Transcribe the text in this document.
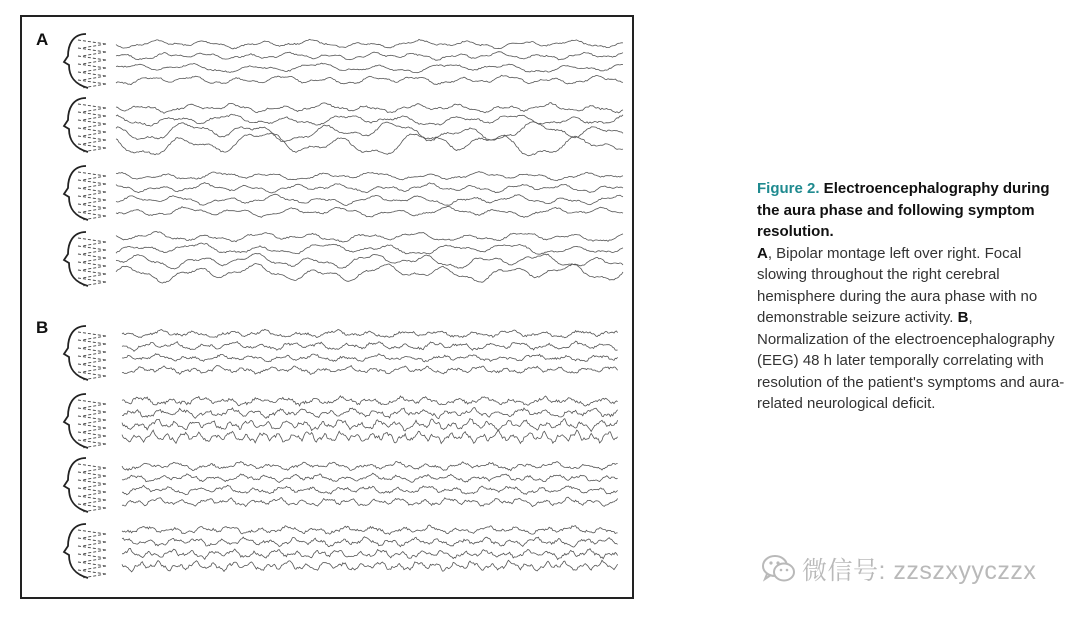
A
B
Figure 2. Electroencephalography during the aura phase and following symptom resolution.
A, Bipolar montage left over right. Focal slowing throughout the right cerebral hemisphere during the aura phase with no demonstrable seizure activity. B, Normalization of the electroencephalography (EEG) 48 h later temporally correlating with resolution of the patient's symptoms and aura-related neurological deficit.
微信号: zzszxyyczzx
